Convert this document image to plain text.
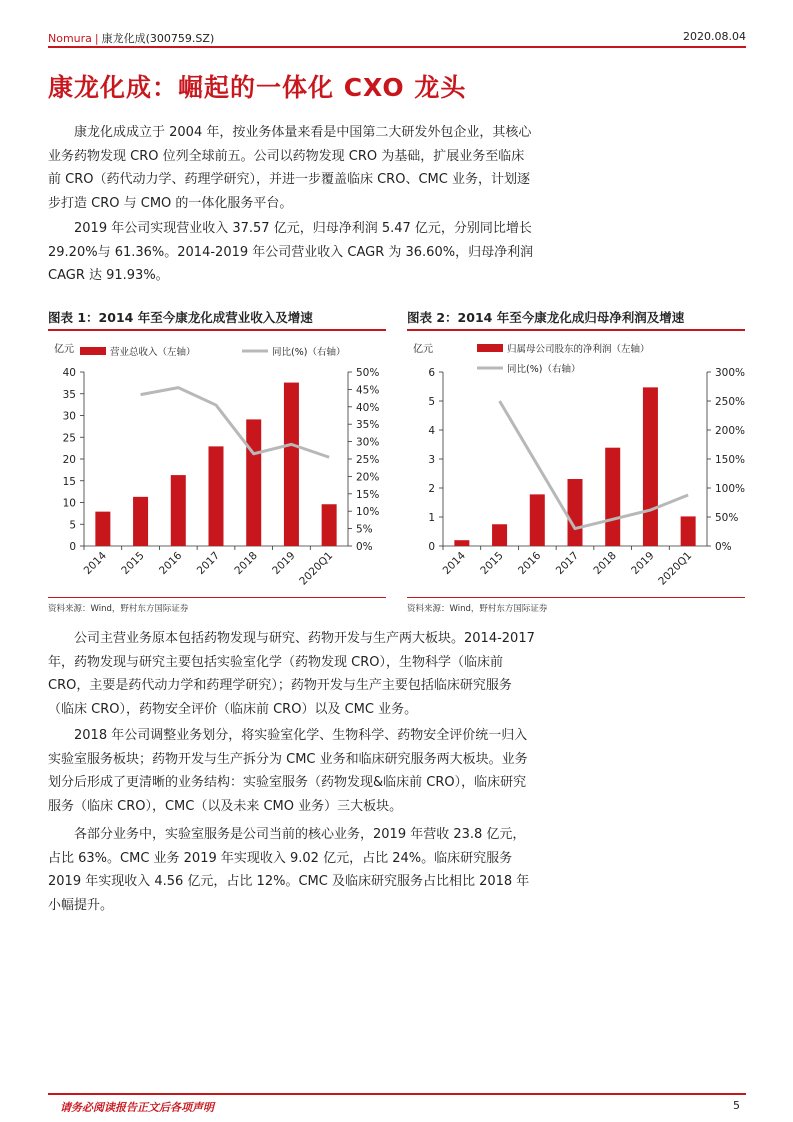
Nomura | 康龙化成(300759.SZ)	2020.08.04
康龙化成：崛起的一体化 CXO 龙头

康龙化成成立于 2004 年，按业务体量来看是中国第二大研发外包企业，其核心业务药物发现 CRO 位列全球前五。公司以药物发现 CRO 为基础，扩展业务至临床前 CRO（药代动力学、药理学研究），并进一步覆盖临床 CRO、CMC 业务，计划逐步打造 CRO 与 CMO 的一体化服务平台。

2019 年公司实现营业收入 37.57 亿元，归母净利润 5.47 亿元，分别同比增长 29.20%与 61.36%。2014-2019 年公司营业收入 CAGR 为 36.60%，归母净利润 CAGR 达 91.93%。

图表 1：2014 年至今康龙化成营业收入及增速
亿元	营业总收入（左轴）	同比(%)（右轴）
0
5
10
15
20
25
30
35
40
0%
5%
10%
15%
20%
25%
30%
35%
40%
45%
50%
2014 2015 2016 2017 2018 2019 2020Q1
资料来源：Wind，野村东方国际证券
图表 2：2014 年至今康龙化成归母净利润及增速
亿元	归属母公司股东的净利润（左轴）
同比(%)（右轴）
0
1
2
3
4
5
6
0%
50%
100%
150%
200%
250%
300%
2014 2015 2016 2017 2018 2019 2020Q1
资料来源：Wind，野村东方国际证券

公司主营业务原本包括药物发现与研究、药物开发与生产两大板块。2014-2017 年，药物发现与研究主要包括实验室化学（药物发现 CRO），生物科学（临床前 CRO，主要是药代动力学和药理学研究）；药物开发与生产主要包括临床研究服务（临床 CRO），药物安全评价（临床前 CRO）以及 CMC 业务。

2018 年公司调整业务划分，将实验室化学、生物科学、药物安全评价统一归入实验室服务板块；药物开发与生产拆分为 CMC 业务和临床研究服务两大板块。业务划分后形成了更清晰的业务结构：实验室服务（药物发现&临床前 CRO），临床研究服务（临床 CRO），CMC（以及未来 CMO 业务）三大板块。

各部分业务中，实验室服务是公司当前的核心业务，2019 年营收 23.8 亿元，占比 63%。CMC 业务 2019 年实现收入 9.02 亿元，占比 24%。临床研究服务 2019 年实现收入 4.56 亿元，占比 12%。CMC 及临床研究服务占比相比 2018 年小幅提升。

请务必阅读报告正文后各项声明	5
